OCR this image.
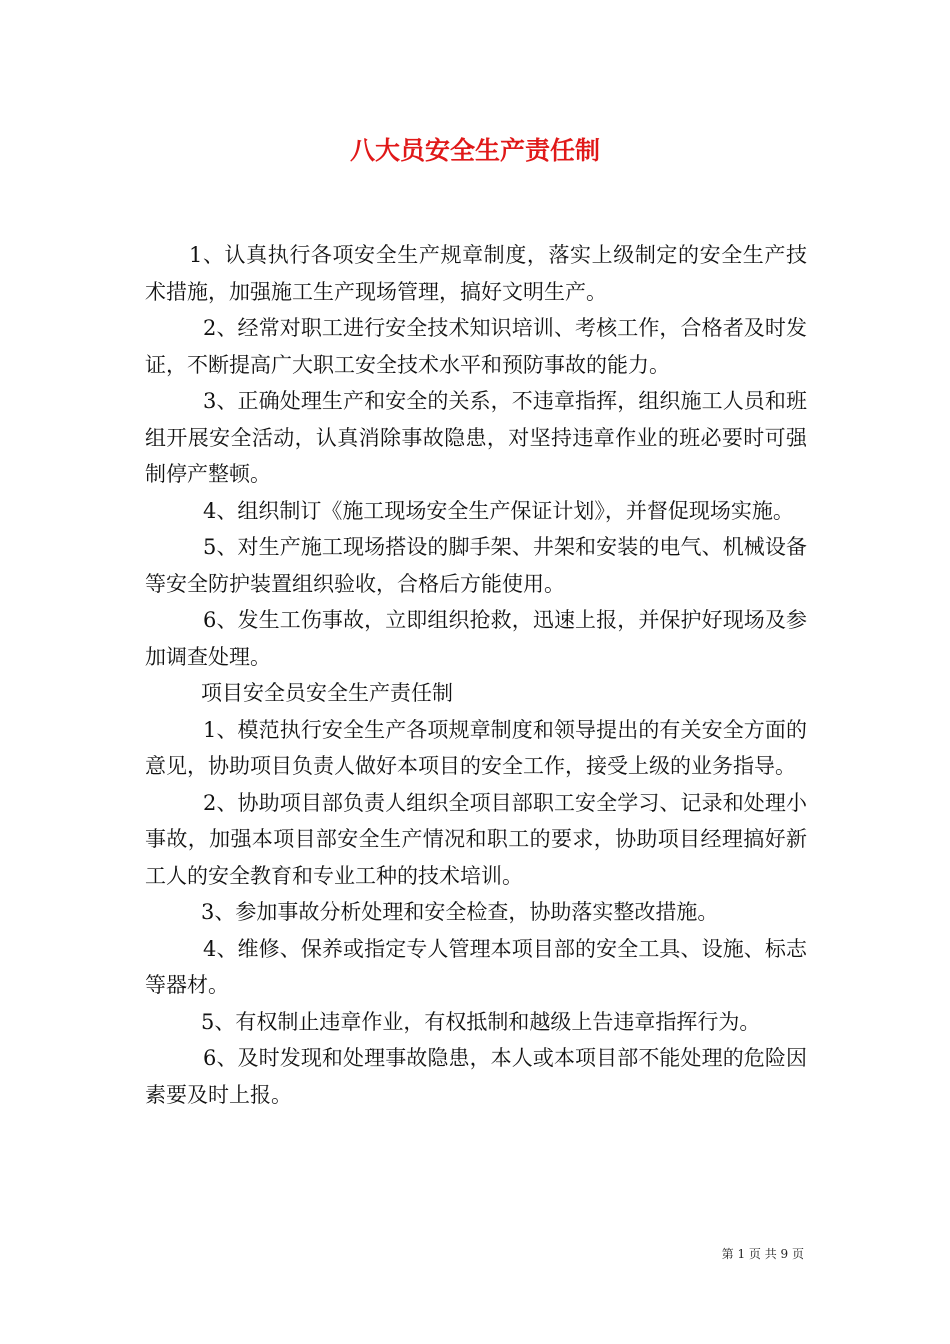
八大员安全生产责任制

1、认真执行各项安全生产规章制度，落实上级制定的安全生产技术措施，加强施工生产现场管理，搞好文明生产。

2、经常对职工进行安全技术知识培训、考核工作，合格者及时发证，不断提高广大职工安全技术水平和预防事故的能力。

3、正确处理生产和安全的关系，不违章指挥，组织施工人员和班组开展安全活动，认真消除事故隐患，对坚持违章作业的班必要时可强制停产整顿。

4、组织制订《施工现场安全生产保证计划》，并督促现场实施。

5、对生产施工现场搭设的脚手架、井架和安装的电气、机械设备等安全防护装置组织验收，合格后方能使用。

6、发生工伤事故，立即组织抢救，迅速上报，并保护好现场及参加调查处理。

项目安全员安全生产责任制

1、模范执行安全生产各项规章制度和领导提出的有关安全方面的意见，协助项目负责人做好本项目的安全工作，接受上级的业务指导。

2、协助项目部负责人组织全项目部职工安全学习、记录和处理小事故，加强本项目部安全生产情况和职工的要求，协助项目经理搞好新工人的安全教育和专业工种的技术培训。

3、参加事故分析处理和安全检查，协助落实整改措施。

4、维修、保养或指定专人管理本项目部的安全工具、设施、标志等器材。

5、有权制止违章作业，有权抵制和越级上告违章指挥行为。

6、及时发现和处理事故隐患，本人或本项目部不能处理的危险因素要及时上报。

第 1 页 共 9 页
